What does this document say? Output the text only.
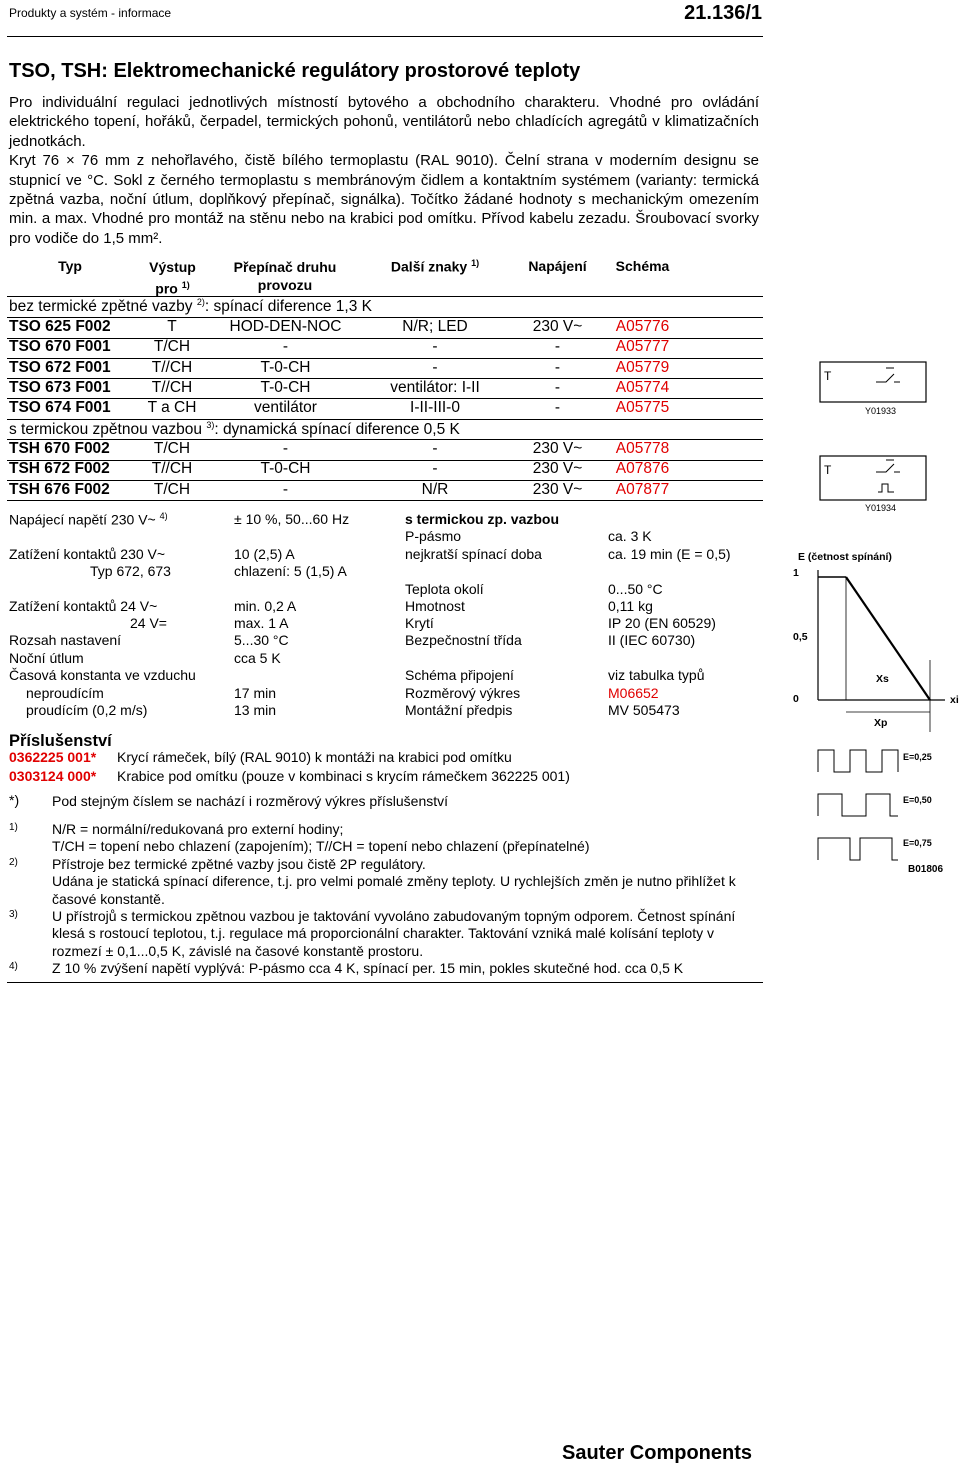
Produkty a systém - informace	21.136/1
TSO, TSH: Elektromechanické regulátory prostorové teploty

Pro individuální regulaci jednotlivých místností bytového a obchodního charakteru. Vhodné pro ovládání elektrického topení, hořáků, čerpadel, termických pohonů, ventilátorů nebo chladících agregátů v klimatizačních jednotkách.

Kryt 76 × 76 mm z nehořlavého, čistě bílého termoplastu (RAL 9010). Čelní strana v moderním designu se stupnicí ve °C. Sokl z černého termoplastu s membránovým čidlem a kontaktním systémem (varianty: termická zpětná vazba, noční útlum, doplňkový přepínač, signálka). Točítko žádané hodnoty s mechanickým omezením min. a max. Vhodné pro montáž na stěnu nebo na krabici pod omítku. Přívod kabelu zezadu. Šroubovací svorky pro vodiče do 1,5 mm².

Typ	Výstup
pro $^{1)}$
Přepínač druhu
provozu
Další znaky $^{1)}$	Napájení	Schéma
bez termické zpětné vazby $^{2)}$: spínací diference 1,3 K
TSO 625 F002	T	HOD-DEN-NOC	N/R; LED	230 V~	A05776
TSO 670 F001	T/CH	-	-	-	A05777
TSO 672 F001	T//CH	T-0-CH	-	-	A05779
TSO 673 F001	T//CH	T-0-CH	ventilátor: I-II	-	A05774
TSO 674 F001	T a CH	ventilátor	I-II-III-0	-	A05775
s termickou zpětnou vazbou $^{3)}$: dynamická spínací diference 0,5 K
TSH 670 F002	T/CH	-	-	230 V~	A05778
TSH 672 F002	T//CH	T-0-CH	-	230 V~	A07876
TSH 676 F002	T/CH	-	N/R	230 V~	A07877
Napájecí napětí 230 V~ $^{4)}$	± 10 %, 50...60 Hz
Zatížení kontaktů 230 V~	10 (2,5) A
Typ 672, 673	chlazení: 5 (1,5) A
Zatížení kontaktů 24 V~	min. 0,2 A
24 V=	max. 1 A
Rozsah nastavení	5...30 °C
Noční útlum	cca 5 K
Časová konstanta ve vzduchu
neproudícím	17 min
proudícím (0,2 m/s)	13 min
s termickou zp. vazbou
P-pásmo	ca. 3 K
nejkratší spínací doba	ca. 19 min (E = 0,5)
Teplota okolí	0...50 °C
Hmotnost	0,11 kg
Krytí	IP 20 (EN 60529)
Bezpečnostní třída	II (IEC 60730)
Schéma připojení	viz tabulka typů
Rozměrový výkres	M06652
Montážní předpis	MV 505473
Příslušenství
0362225 001* Krycí rámeček, bílý (RAL 9010) k montáži na krabici pod omítku
0303124 000* Krabice pod omítku (pouze v kombinaci s krycím rámečkem 362225 001)
*) Pod stejným číslem se nachází i rozměrový výkres příslušenství
1) N/R = normální/redukovaná pro externí hodiny;
T/CH = topení nebo chlazení (zapojením); T//CH = topení nebo chlazení (přepínatelné)
2) Přístroje bez termické zpětné vazby jsou čistě 2P regulátory.
Udána je statická spínací diference, t.j. pro velmi pomalé změny teploty. U rychlejších změn je nutno přihlížet k časové konstantě.
3) U přístrojů s termickou zpětnou vazbou je taktování vyvoláno zabudovaným topným odporem. Četnost spínání klesá s rostoucí teplotou, t.j. regulace má proporcionální charakter. Taktování vzniká malé kolísání teploty v rozmezí ± 0,1...0,5 K, závislé na časové konstantě prostoru.
4) Z 10 % zvýšení napětí vyplývá: P-pásmo cca 4 K, spínací per. 15 min, pokles skutečné hod. cca 0,5 K
T
Y01933
T
Y01934
E (četnost spínání)
1
0,5
0
Xs
Xp
xi
E=0,25
E=0,50
E=0,75
B01806
Sauter Components
